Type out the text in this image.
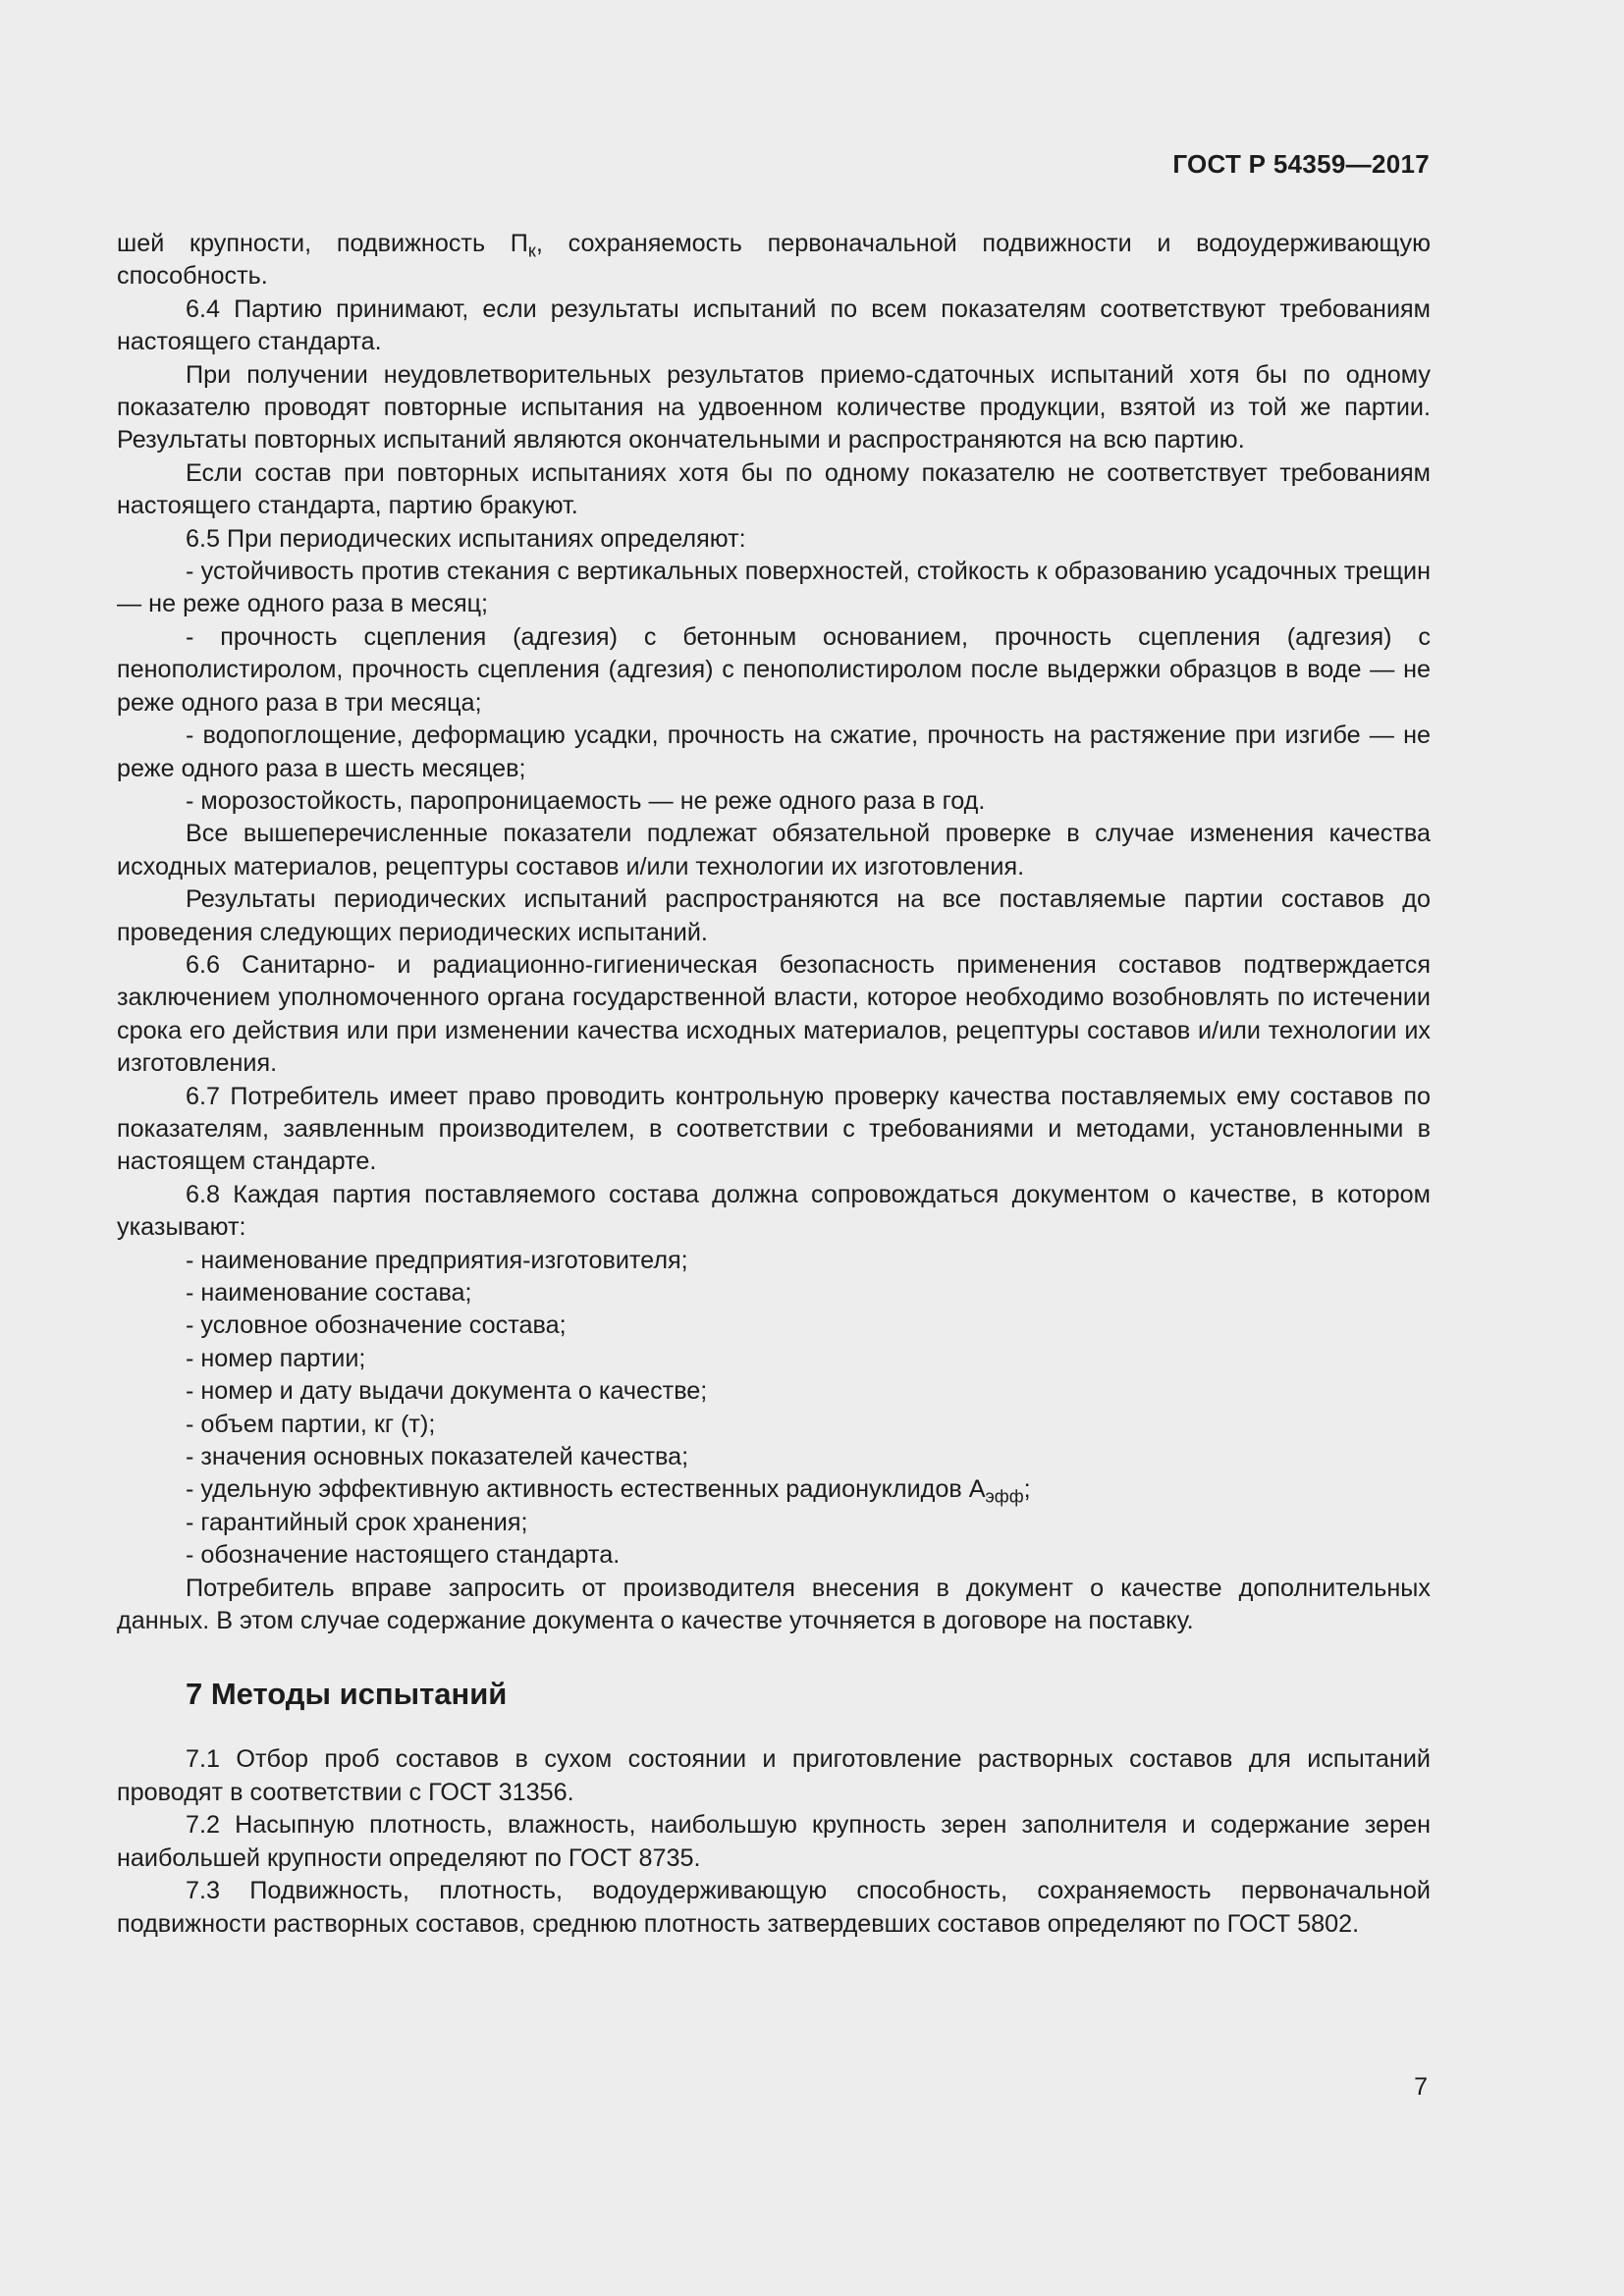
ГОСТ Р 54359—2017

шей крупности, подвижность $П_к$, сохраняемость первоначальной подвижности и водоудерживающую способность.

6.4 Партию принимают, если результаты испытаний по всем показателям соответствуют требованиям настоящего стандарта.

При получении неудовлетворительных результатов приемо-сдаточных испытаний хотя бы по одному показателю проводят повторные испытания на удвоенном количестве продукции, взятой из той же партии. Результаты повторных испытаний являются окончательными и распространяются на всю партию.

Если состав при повторных испытаниях хотя бы по одному показателю не соответствует требованиям настоящего стандарта, партию бракуют.

6.5 При периодических испытаниях определяют:

- устойчивость против стекания с вертикальных поверхностей, стойкость к образованию усадочных трещин — не реже одного раза в месяц;

- прочность сцепления (адгезия) с бетонным основанием, прочность сцепления (адгезия) с пенополистиролом, прочность сцепления (адгезия) с пенополистиролом после выдержки образцов в воде — не реже одного раза в три месяца;

- водопоглощение, деформацию усадки, прочность на сжатие, прочность на растяжение при изгибе — не реже одного раза в шесть месяцев;

- морозостойкость, паропроницаемость — не реже одного раза в год.

Все вышеперечисленные показатели подлежат обязательной проверке в случае изменения качества исходных материалов, рецептуры составов и/или технологии их изготовления.

Результаты периодических испытаний распространяются на все поставляемые партии составов до проведения следующих периодических испытаний.

6.6 Санитарно- и радиационно-гигиеническая безопасность применения составов подтверждается заключением уполномоченного органа государственной власти, которое необходимо возобновлять по истечении срока его действия или при изменении качества исходных материалов, рецептуры составов и/или технологии их изготовления.

6.7 Потребитель имеет право проводить контрольную проверку качества поставляемых ему составов по показателям, заявленным производителем, в соответствии с требованиями и методами, установленными в настоящем стандарте.

6.8 Каждая партия поставляемого состава должна сопровождаться документом о качестве, в котором указывают:

- наименование предприятия-изготовителя;

- наименование состава;

- условное обозначение состава;

- номер партии;

- номер и дату выдачи документа о качестве;

- объем партии, кг (т);

- значения основных показателей качества;

- удельную эффективную активность естественных радионуклидов $А_{эфф}$;

- гарантийный срок хранения;

- обозначение настоящего стандарта.

Потребитель вправе запросить от производителя внесения в документ о качестве дополнительных данных. В этом случае содержание документа о качестве уточняется в договоре на поставку.

7 Методы испытаний

7.1 Отбор проб составов в сухом состоянии и приготовление растворных составов для испытаний проводят в соответствии с ГОСТ 31356.

7.2 Насыпную плотность, влажность, наибольшую крупность зерен заполнителя и содержание зерен наибольшей крупности определяют по ГОСТ 8735.

7.3 Подвижность, плотность, водоудерживающую способность, сохраняемость первоначальной подвижности растворных составов, среднюю плотность затвердевших составов определяют по ГОСТ 5802.

7
